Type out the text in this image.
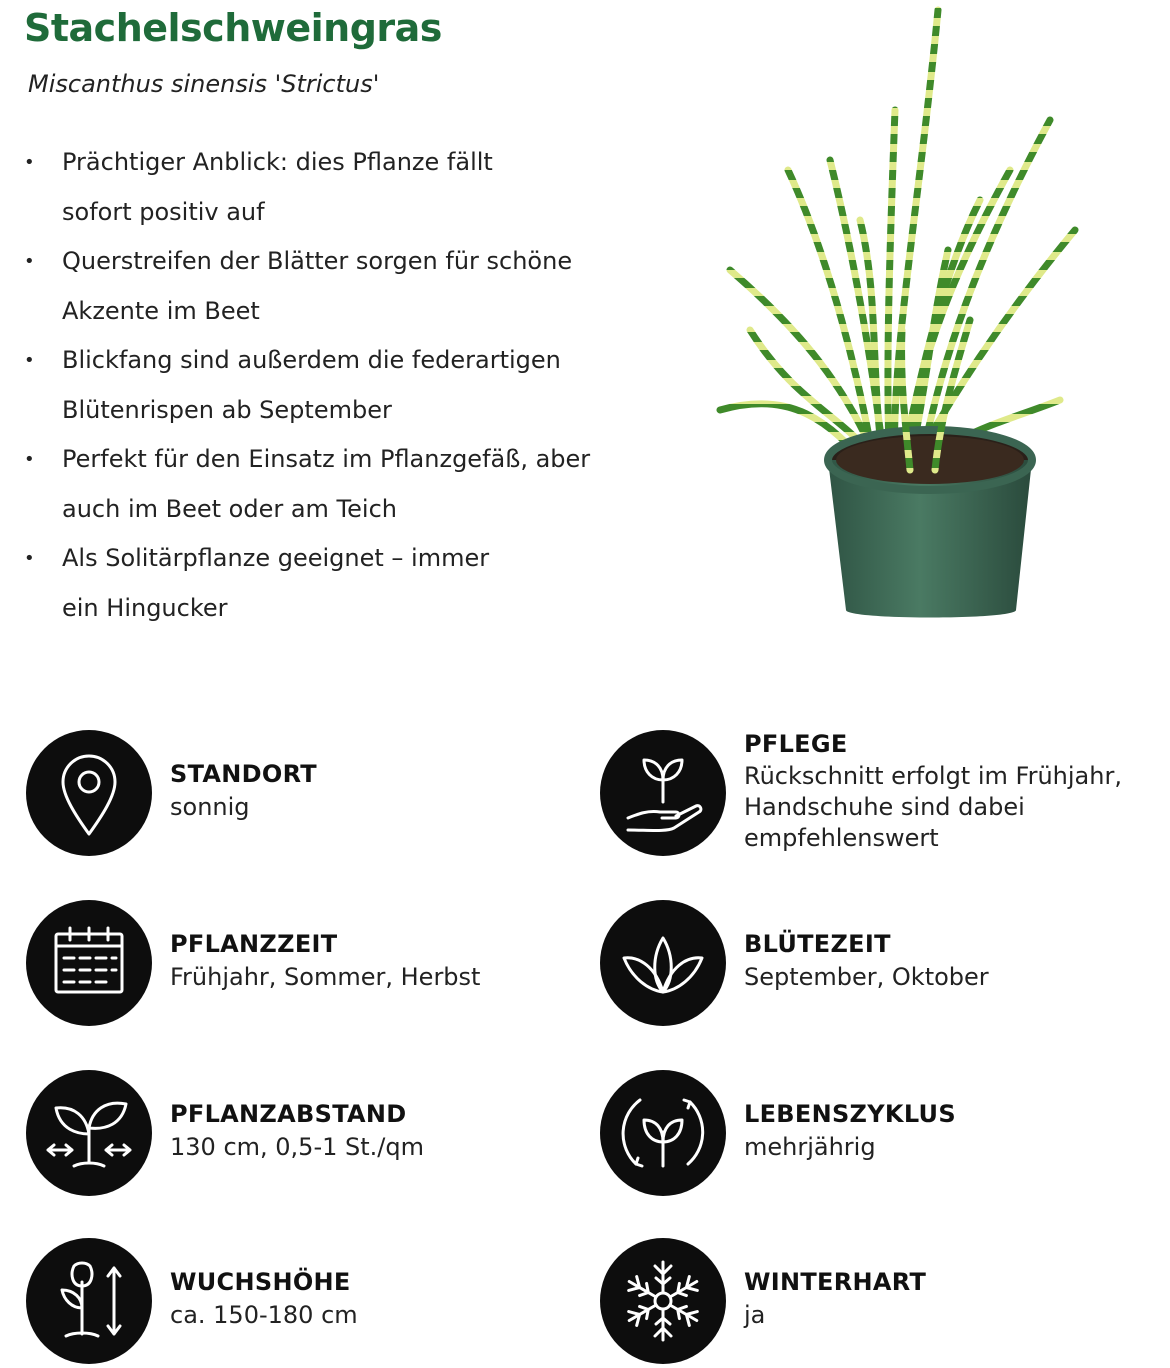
Stachelschweingras
Miscanthus sinensis 'Strictus'
• Prächtiger Anblick: dies Pflanze fällt
sofort positiv auf
• Querstreifen der Blätter sorgen für schöne
Akzente im Beet
• Blickfang sind außerdem die federartigen
Blütenrispen ab September
• Perfekt für den Einsatz im Pflanzgefäß, aber
auch im Beet oder am Teich
• Als Solitärpflanze geeignet – immer
ein Hingucker
STANDORT
sonnig
PFLEGE
Rückschnitt erfolgt im Frühjahr,
Handschuhe sind dabei
empfehlenswert
PFLANZZEIT
Frühjahr, Sommer, Herbst
BLÜTEZEIT
September, Oktober
PFLANZABSTAND
130 cm, 0,5-1 St./qm
LEBENSZYKLUS
mehrjährig
WUCHSHÖHE
ca. 150-180 cm
WINTERHART
ja
